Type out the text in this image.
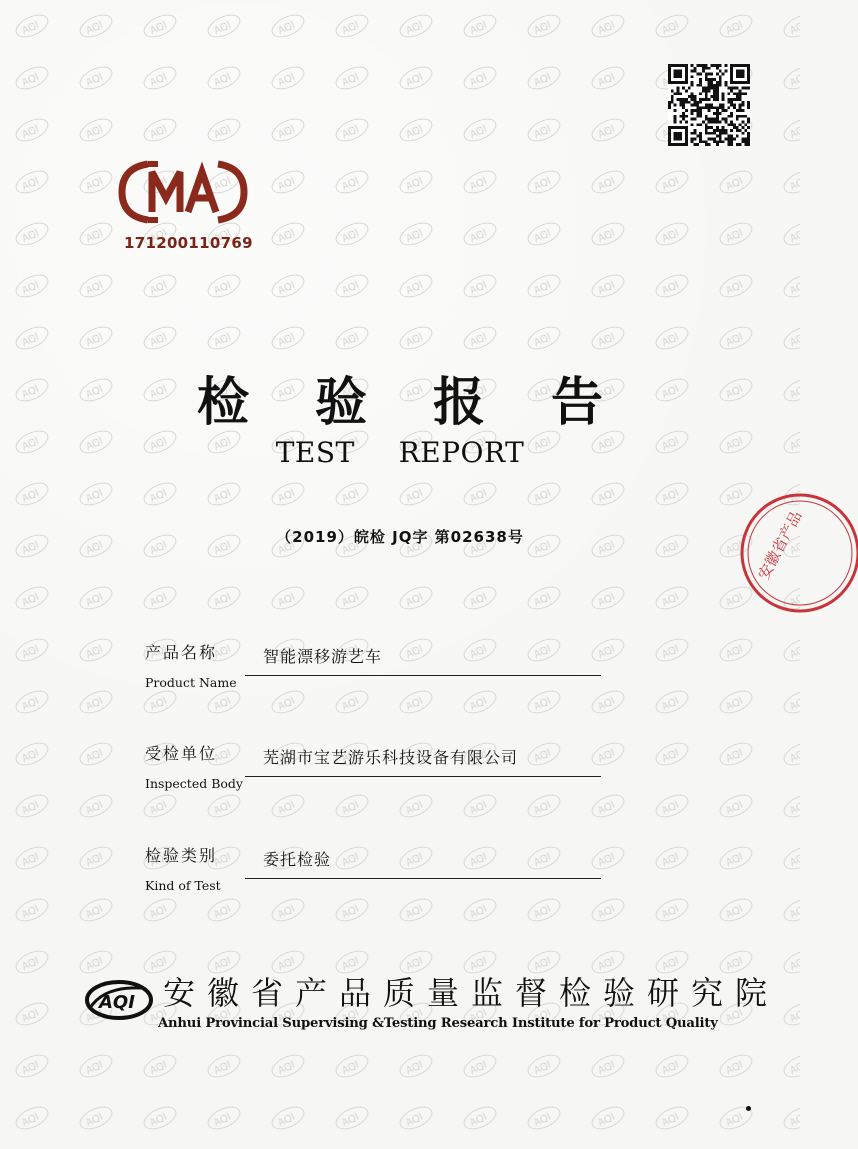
171200110769
检 验 报 告
TEST REPORT
（2019）皖检 JQ字 第02638号
产品名称
Product Name
智能漂移游艺车
受检单位
Inspected Body
芜湖市宝艺游乐科技设备有限公司
检验类别
Kind of Test
委托检验
AQI 安徽省产品质量监督检验研究院
Anhui Provincial Supervising &Testing Research Institute for Product Quality
安徽省产品
